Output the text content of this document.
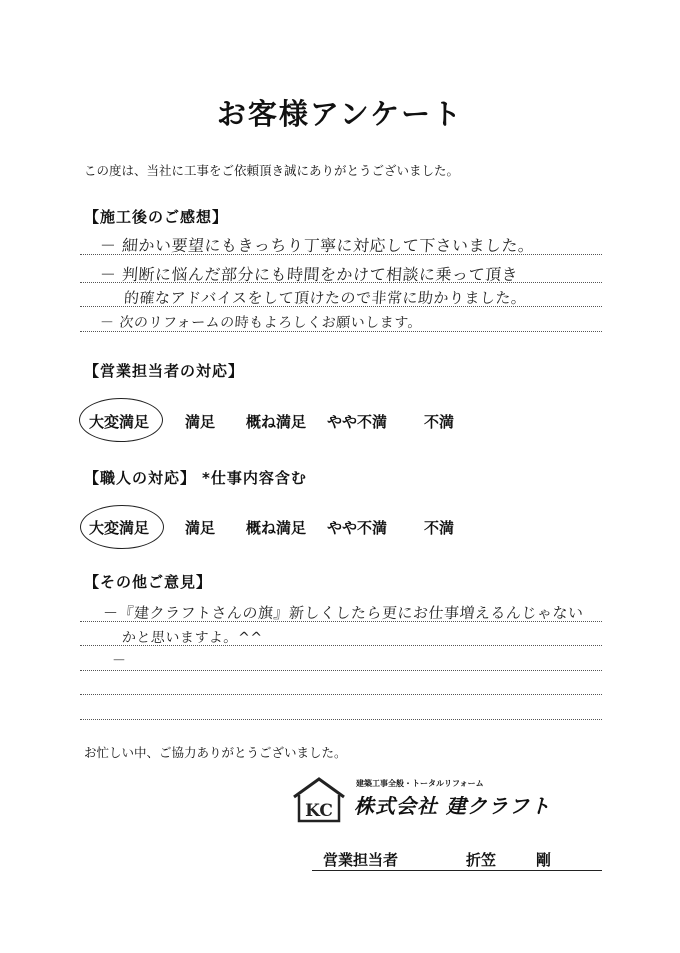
お客様アンケート
この度は、当社に工事をご依頼頂き誠にありがとうございました。
【施工後のご感想】
－ 細かい要望にもきっちり丁寧に対応して下さいました。
－ 判断に悩んだ部分にも時間をかけて相談に乗って頂き
的確なアドバイスをして頂けたので非常に助かりました。
－ 次のリフォームの時もよろしくお願いします。
【営業担当者の対応】
大変満足 満足 概ね満足 やや不満 不満
【職人の対応】 *仕事内容含む
大変満足 満足 概ね満足 やや不満 不満
【その他ご意見】
－『建クラフトさんの旗』新しくしたら更にお仕事増えるんじゃない
かと思いますよ。^^
－
お忙しい中、ご協力ありがとうございました。
KC
建築工事全般・トータルリフォーム
株式会社 建クラフト
営業担当者	折笠	剛
